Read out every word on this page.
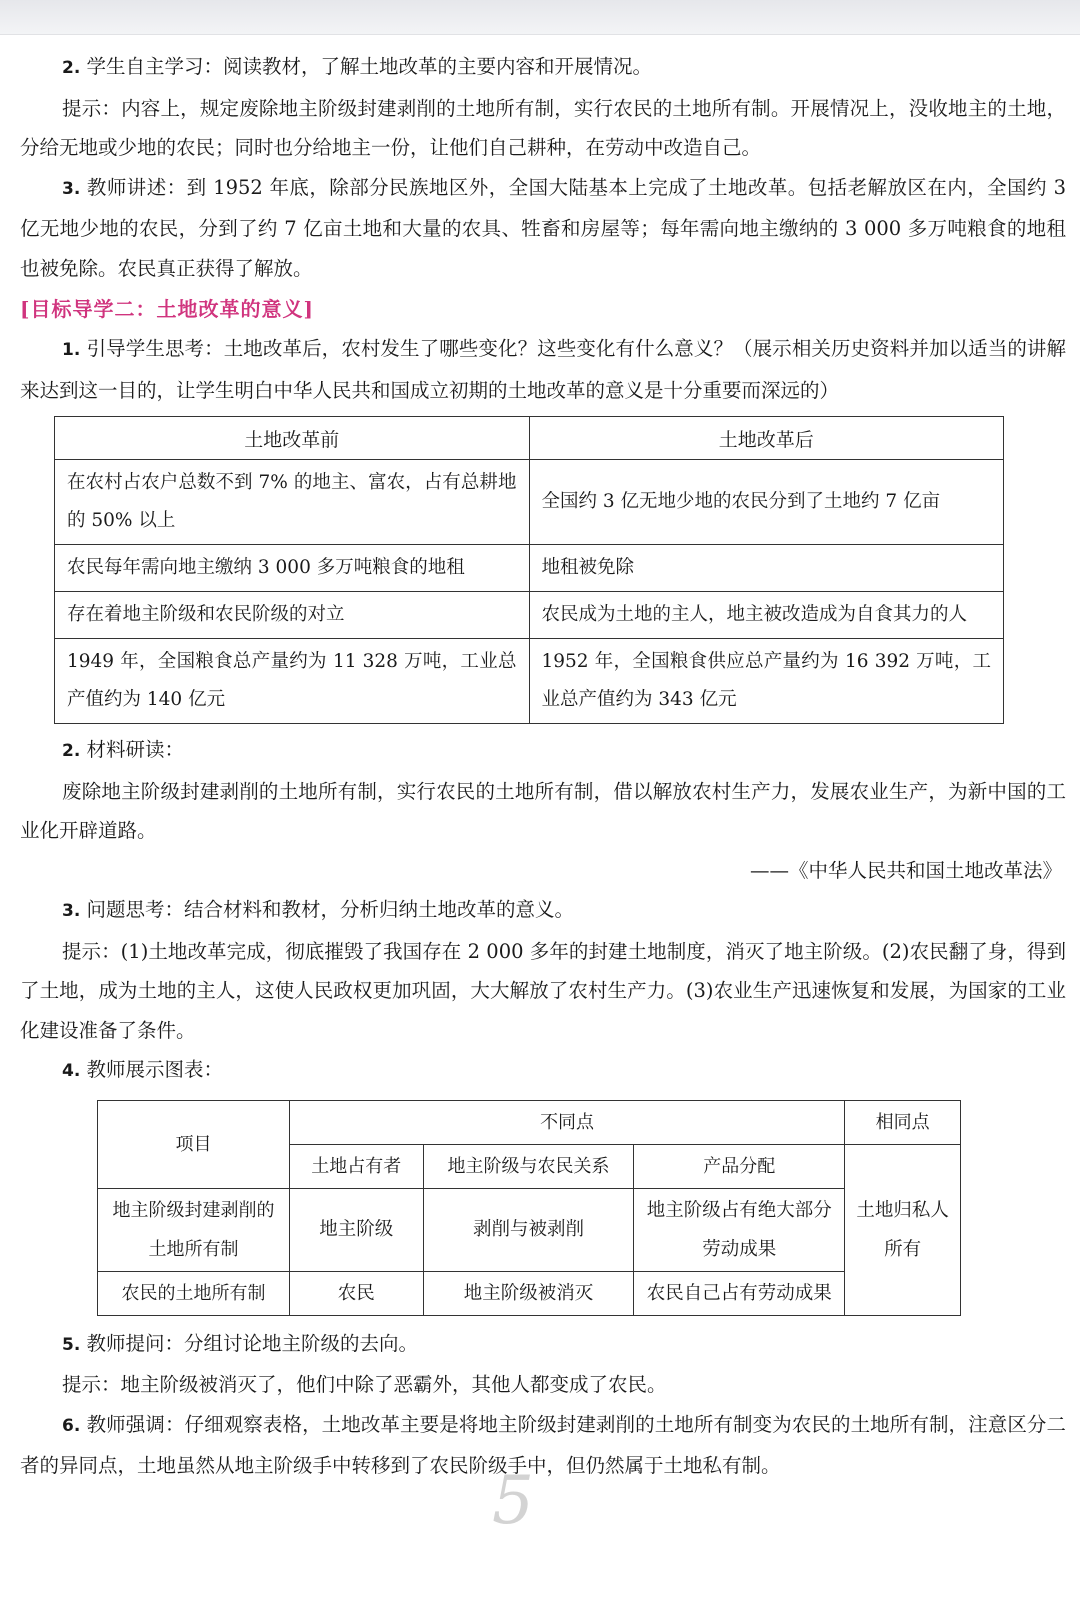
2. 学生自主学习：阅读教材，了解土地改革的主要内容和开展情况。

提示：内容上，规定废除地主阶级封建剥削的土地所有制，实行农民的土地所有制。开展情况上，没收地主的土地，分给无地或少地的农民；同时也分给地主一份，让他们自己耕种，在劳动中改造自己。

3. 教师讲述：到 1952 年底，除部分民族地区外，全国大陆基本上完成了土地改革。包括老解放区在内，全国约 3 亿无地少地的农民，分到了约 7 亿亩土地和大量的农具、牲畜和房屋等；每年需向地主缴纳的 3 000 多万吨粮食的地租也被免除。农民真正获得了解放。

[目标导学二：土地改革的意义]

1. 引导学生思考：土地改革后，农村发生了哪些变化？这些变化有什么意义？（展示相关历史资料并加以适当的讲解来达到这一目的，让学生明白中华人民共和国成立初期的土地改革的意义是十分重要而深远的）

土地改革前	土地改革后
在农村占农户总数不到 7% 的地主、富农，占有总耕地的 50% 以上	全国约 3 亿无地少地的农民分到了土地约 7 亿亩
农民每年需向地主缴纳 3 000 多万吨粮食的地租	地租被免除
存在着地主阶级和农民阶级的对立	农民成为土地的主人，地主被改造成为自食其力的人
1949 年，全国粮食总产量约为 11 328 万吨，工业总产值约为 140 亿元	1952 年，全国粮食供应总产量约为 16 392 万吨，工业总产值约为 343 亿元

2. 材料研读：

废除地主阶级封建剥削的土地所有制，实行农民的土地所有制，借以解放农村生产力，发展农业生产，为新中国的工业化开辟道路。

——《中华人民共和国土地改革法》

3. 问题思考：结合材料和教材，分析归纳土地改革的意义。

提示：(1)土地改革完成，彻底摧毁了我国存在 2 000 多年的封建土地制度，消灭了地主阶级。(2)农民翻了身，得到了土地，成为土地的主人，这使人民政权更加巩固，大大解放了农村生产力。(3)农业生产迅速恢复和发展，为国家的工业化建设准备了条件。

4. 教师展示图表：

项目	不同点			相同点
	土地占有者	地主阶级与农民关系	产品分配	土地归私人所有
地主阶级封建剥削的土地所有制	地主阶级	剥削与被剥削	地主阶级占有绝大部分劳动成果	
农民的土地所有制	农民	地主阶级被消灭	农民自己占有劳动成果	

5. 教师提问：分组讨论地主阶级的去向。

提示：地主阶级被消灭了，他们中除了恶霸外，其他人都变成了农民。

6. 教师强调：仔细观察表格，土地改革主要是将地主阶级封建剥削的土地所有制变为农民的土地所有制，注意区分二者的异同点，土地虽然从地主阶级手中转移到了农民阶级手中，但仍然属于土地私有制。

5
